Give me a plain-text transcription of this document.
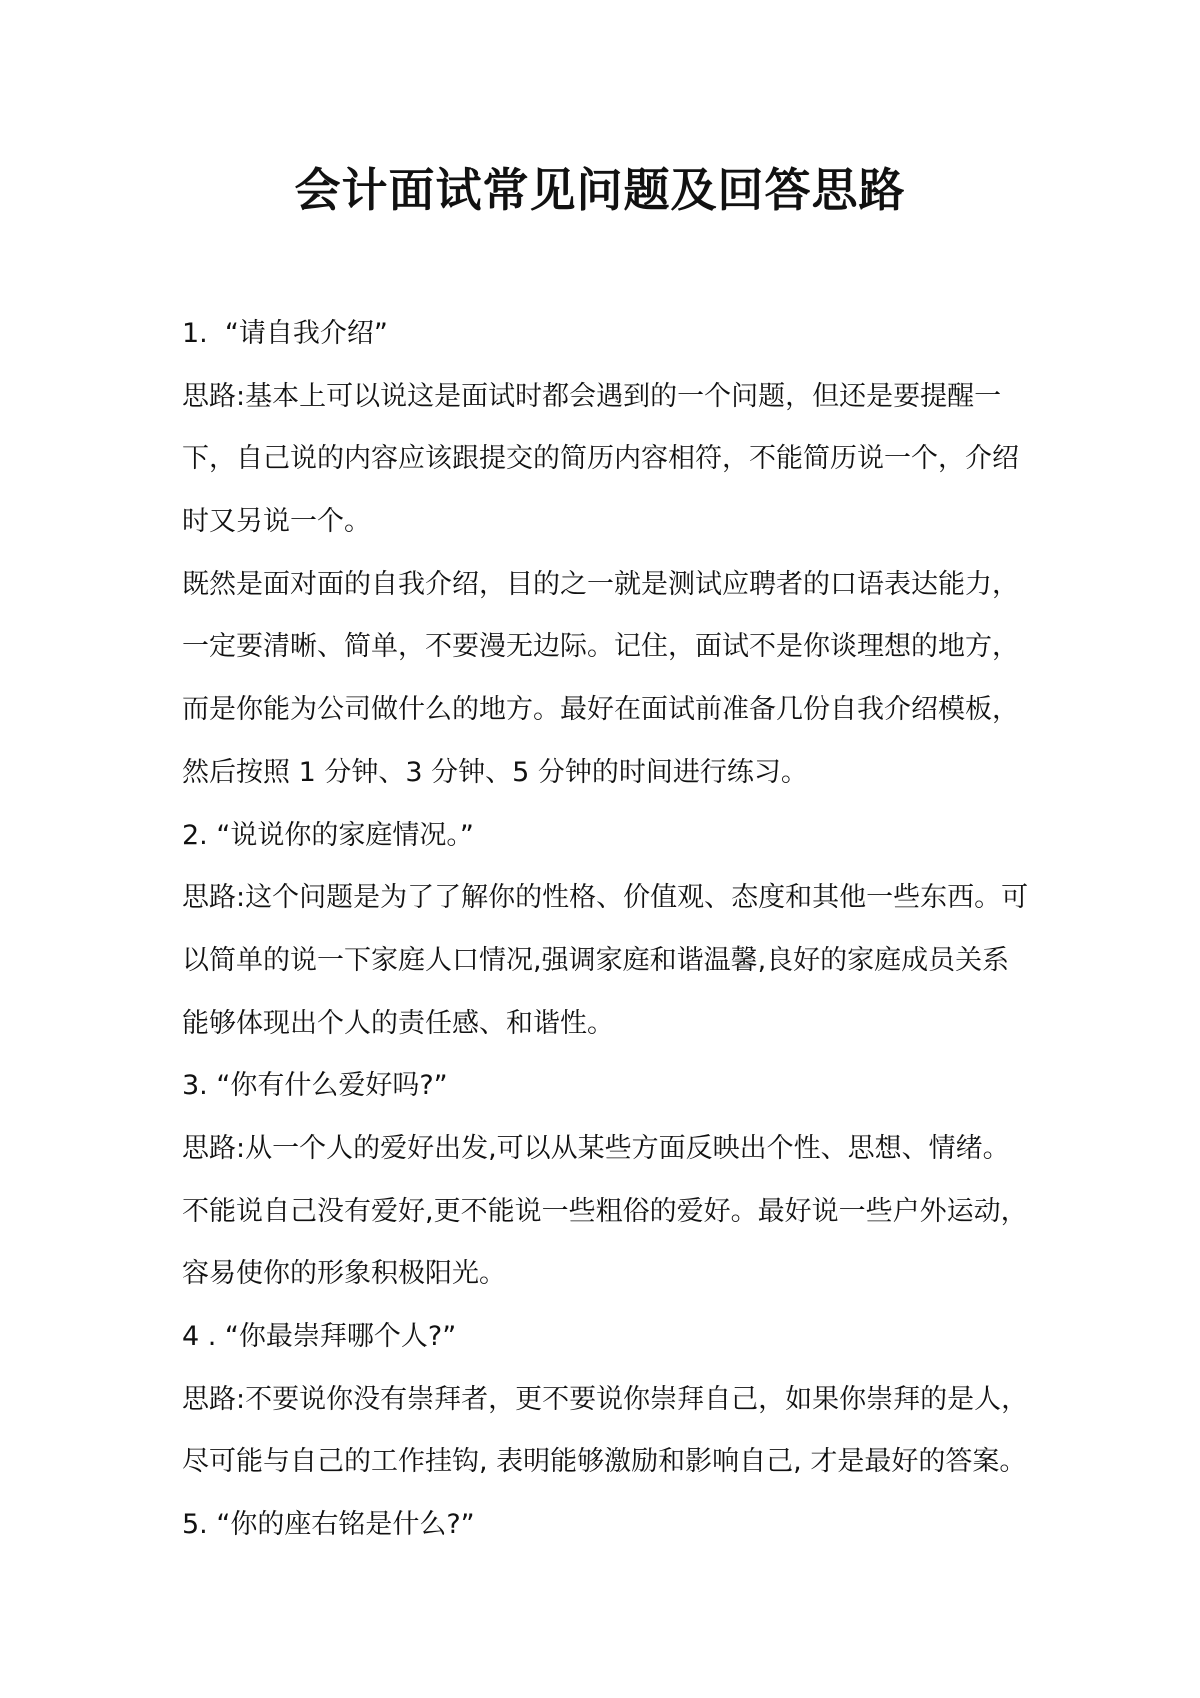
会计面试常见问题及回答思路

1.  “请自我介绍”

思路:基本上可以说这是面试时都会遇到的一个问题，但还是要提醒一

下，自己说的内容应该跟提交的简历内容相符，不能简历说一个，介绍

时又另说一个。

既然是面对面的自我介绍，目的之一就是测试应聘者的口语表达能力，

一定要清晰、简单，不要漫无边际。记住，面试不是你谈理想的地方，

而是你能为公司做什么的地方。最好在面试前准备几份自我介绍模板，

然后按照 1 分钟、3 分钟、5 分钟的时间进行练习。

2. “说说你的家庭情况。”

思路:这个问题是为了了解你的性格、价值观、态度和其他一些东西。可

以简单的说一下家庭人口情况,强调家庭和谐温馨,良好的家庭成员关系

能够体现出个人的责任感、和谐性。

3. “你有什么爱好吗?”

思路:从一个人的爱好出发,可以从某些方面反映出个性、思想、情绪。

不能说自己没有爱好,更不能说一些粗俗的爱好。最好说一些户外运动，

容易使你的形象积极阳光。

4 . “你最崇拜哪个人?”

思路:不要说你没有崇拜者，更不要说你崇拜自己，如果你崇拜的是人，

尽可能与自己的工作挂钩, 表明能够激励和影响自己, 才是最好的答案。

5. “你的座右铭是什么?”
